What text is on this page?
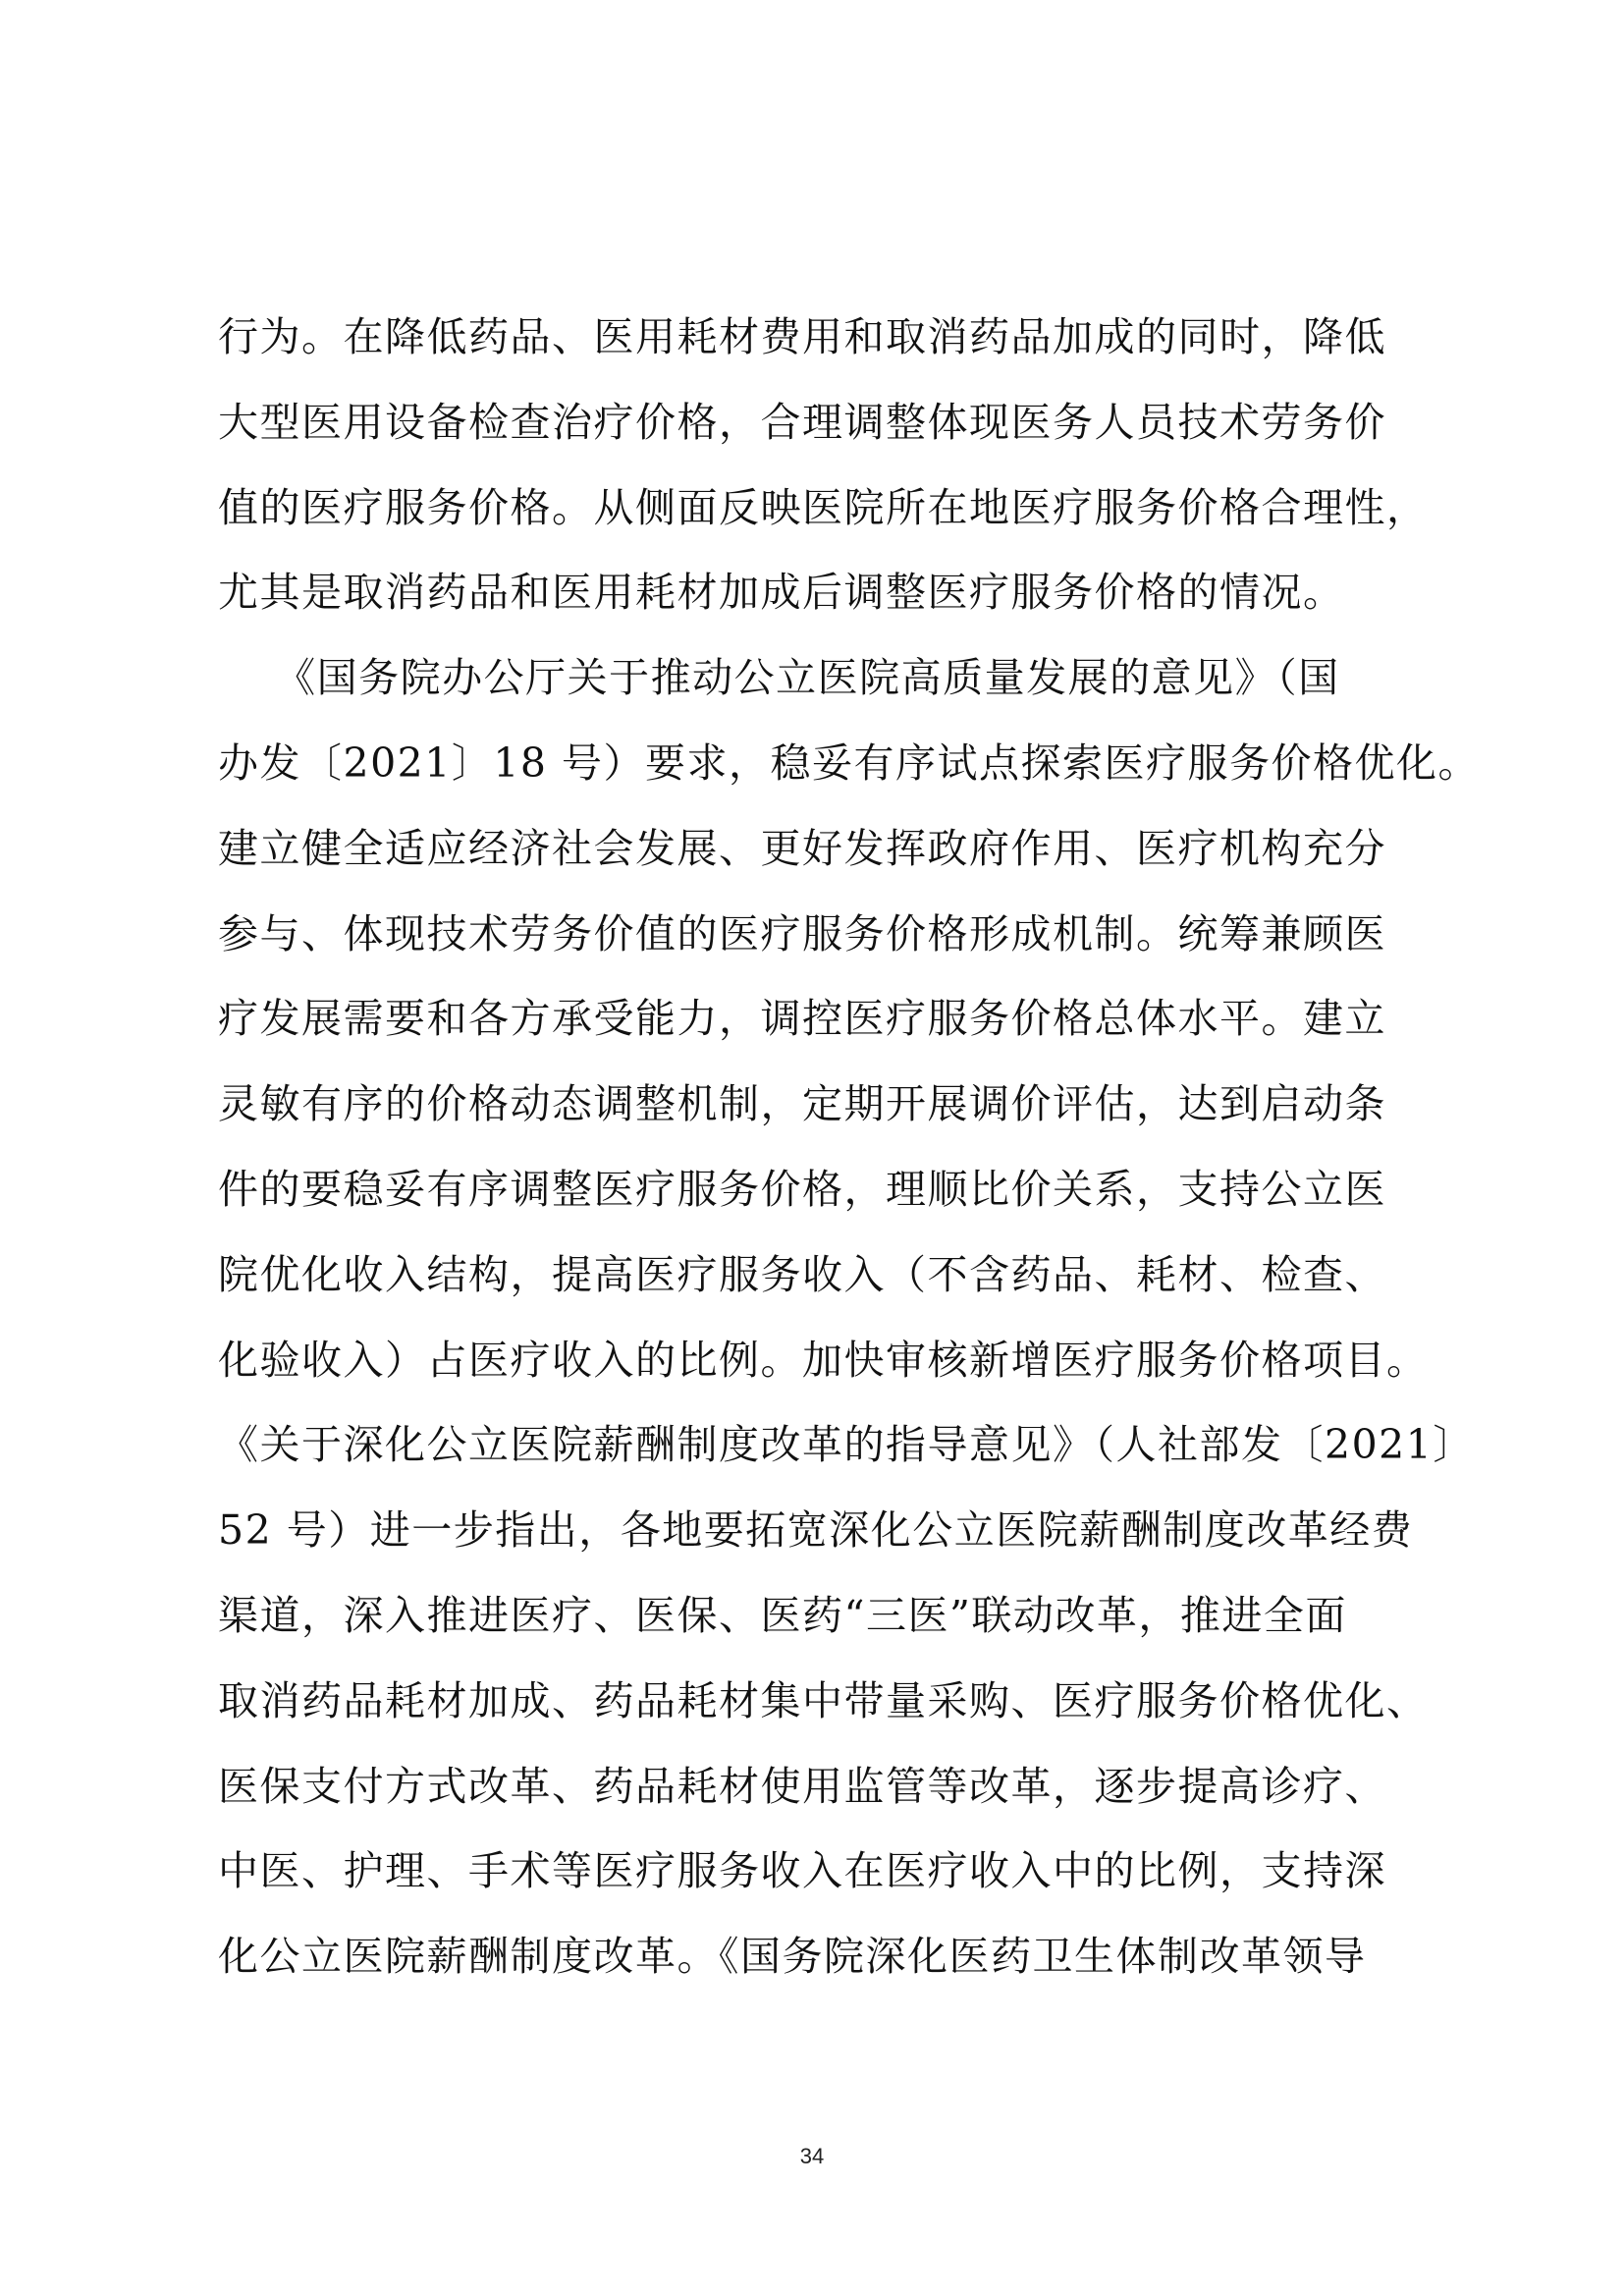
行为。在降低药品、医用耗材费用和取消药品加成的同时，降低
大型医用设备检查治疗价格，合理调整体现医务人员技术劳务价
值的医疗服务价格。从侧面反映医院所在地医疗服务价格合理性，
尤其是取消药品和医用耗材加成后调整医疗服务价格的情况。
《国务院办公厅关于推动公立医院高质量发展的意见》（国
办发〔2021〕18 号）要求，稳妥有序试点探索医疗服务价格优化。
建立健全适应经济社会发展、更好发挥政府作用、医疗机构充分
参与、体现技术劳务价值的医疗服务价格形成机制。统筹兼顾医
疗发展需要和各方承受能力，调控医疗服务价格总体水平。建立
灵敏有序的价格动态调整机制，定期开展调价评估，达到启动条
件的要稳妥有序调整医疗服务价格，理顺比价关系，支持公立医
院优化收入结构，提高医疗服务收入（不含药品、耗材、检查、
化验收入）占医疗收入的比例。加快审核新增医疗服务价格项目。
《关于深化公立医院薪酬制度改革的指导意见》（人社部发〔2021〕
52 号）进一步指出，各地要拓宽深化公立医院薪酬制度改革经费
渠道，深入推进医疗、医保、医药“三医”联动改革，推进全面
取消药品耗材加成、药品耗材集中带量采购、医疗服务价格优化、
医保支付方式改革、药品耗材使用监管等改革，逐步提高诊疗、
中医、护理、手术等医疗服务收入在医疗收入中的比例，支持深
化公立医院薪酬制度改革。《国务院深化医药卫生体制改革领导
34
